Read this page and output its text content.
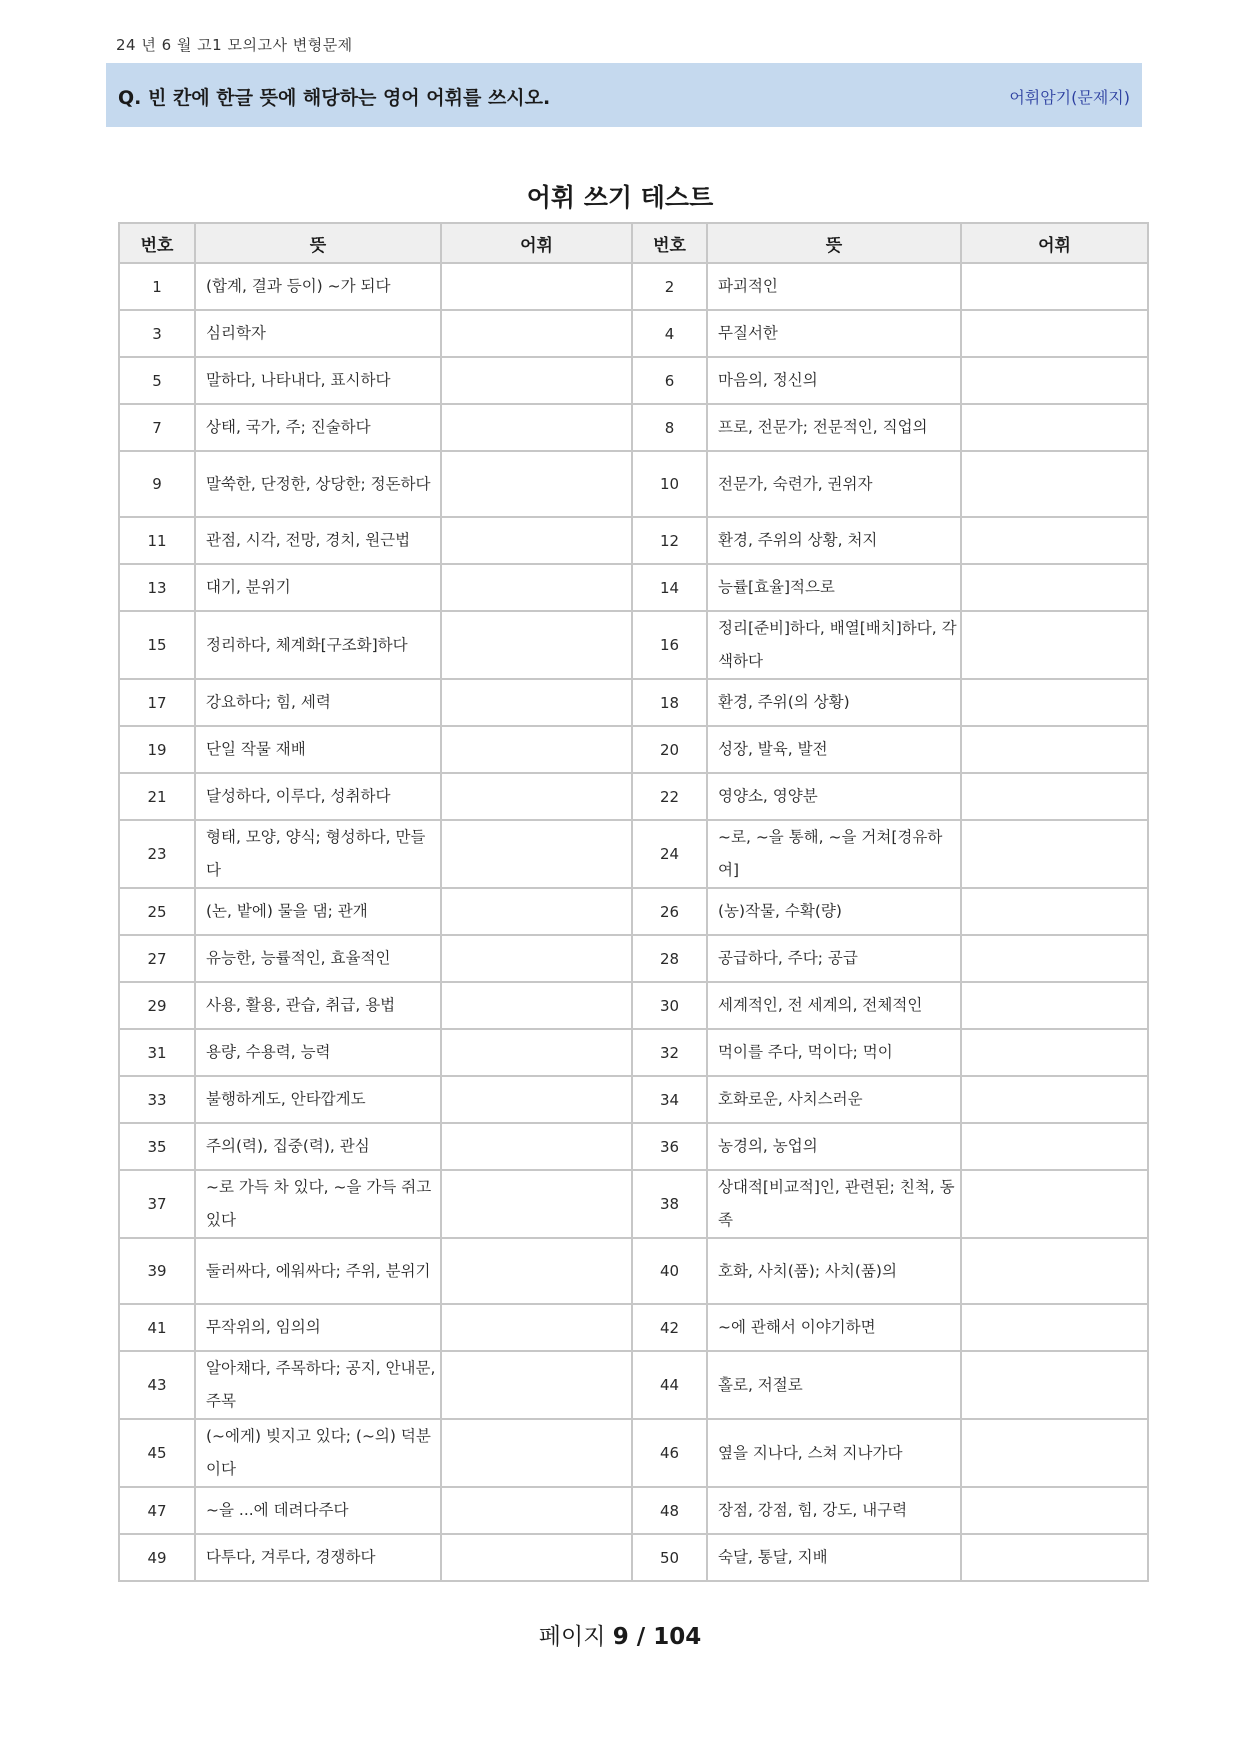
24 년 6 월 고1 모의고사 변형문제
Q. 빈 칸에 한글 뜻에 해당하는 영어 어휘를 쓰시오.	어휘암기(문제지)
어휘 쓰기 테스트
번호	뜻	어휘	번호	뜻	어휘
1	(합계, 결과 등이) ~가 되다		2	파괴적인	
3	심리학자		4	무질서한	
5	말하다, 나타내다, 표시하다		6	마음의, 정신의	
7	상태, 국가, 주; 진술하다		8	프로, 전문가; 전문적인, 직업의	
9	말쑥한, 단정한, 상당한; 정돈하다		10	전문가, 숙련가, 권위자	
11	관점, 시각, 전망, 경치, 원근법		12	환경, 주위의 상황, 처지	
13	대기, 분위기		14	능률[효율]적으로	
15	정리하다, 체계화[구조화]하다		16	정리[준비]하다, 배열[배치]하다, 각색하다	
17	강요하다; 힘, 세력		18	환경, 주위(의 상황)	
19	단일 작물 재배		20	성장, 발육, 발전	
21	달성하다, 이루다, 성취하다		22	영양소, 영양분	
23	형태, 모양, 양식; 형성하다, 만들다		24	~로, ~을 통해, ~을 거쳐[경유하여]	
25	(논, 밭에) 물을 댐; 관개		26	(농)작물, 수확(량)	
27	유능한, 능률적인, 효율적인		28	공급하다, 주다; 공급	
29	사용, 활용, 관습, 취급, 용법		30	세계적인, 전 세계의, 전체적인	
31	용량, 수용력, 능력		32	먹이를 주다, 먹이다; 먹이	
33	불행하게도, 안타깝게도		34	호화로운, 사치스러운	
35	주의(력), 집중(력), 관심		36	농경의, 농업의	
37	~로 가득 차 있다, ~을 가득 쥐고 있다		38	상대적[비교적]인, 관련된; 친척, 동족	
39	둘러싸다, 에워싸다; 주위, 분위기		40	호화, 사치(품); 사치(품)의	
41	무작위의, 임의의		42	~에 관해서 이야기하면	
43	알아채다, 주목하다; 공지, 안내문, 주목		44	홀로, 저절로	
45	(~에게) 빚지고 있다; (~의) 덕분이다		46	옆을 지나다, 스쳐 지나가다	
47	~을 ...에 데려다주다		48	장점, 강점, 힘, 강도, 내구력	
49	다투다, 겨루다, 경쟁하다		50	숙달, 통달, 지배	
페이지 9 / 104
